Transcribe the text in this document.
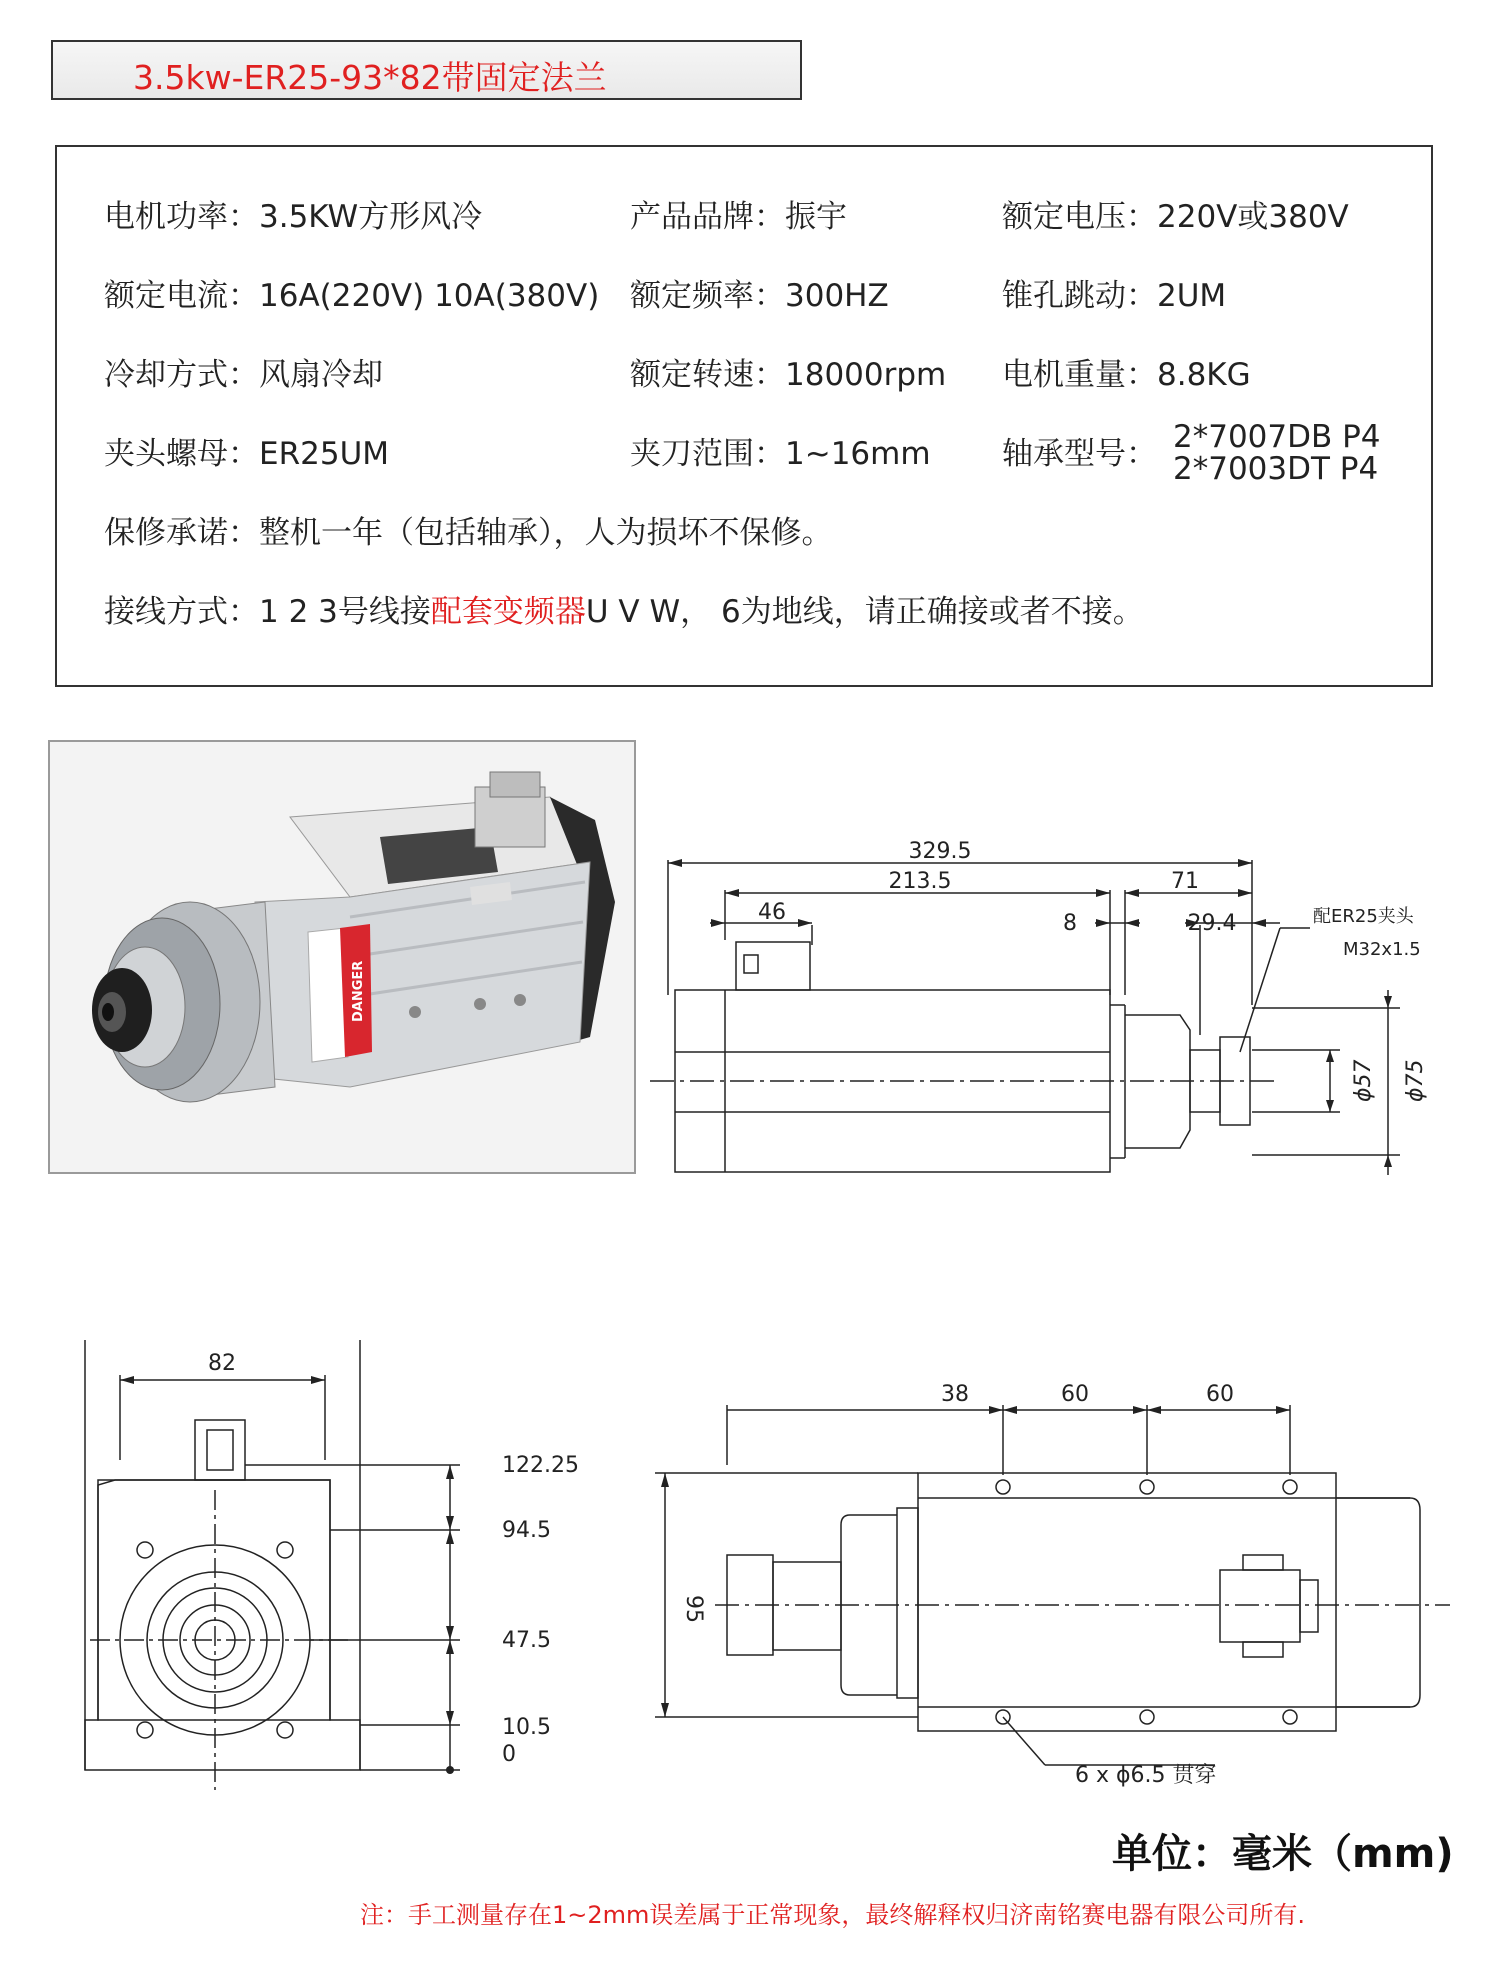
3.5kw-ER25-93*82带固定法兰
电机功率：3.5KW方形风冷	产品品牌：振宇	额定电压：220V或380V
额定电流：16A(220V) 10A(380V) 额定频率：300HZ	锥孔跳动：2UM
冷却方式：风扇冷却	额定转速：18000rpm 电机重量：8.8KG
夹头螺母：ER25UM	夹刀范围：1~16mm 轴承型号： 2*7007DB P4
2*7003DT P4
保修承诺：整机一年（包括轴承），人为损坏不保修。
接线方式：1 2 3号线接配套变频器U V W， 6为地线，请正确接或者不接。
DANGER
329.5
213.5	71
46	8	29.4	配ER25夹头
M32x1.5
ϕ57 ϕ75
82
122.25
94.5
47.5
10.5
0
38	60	60
95
6 x ϕ6.5 贯穿
单位：毫米（mm)
注：手工测量存在1~2mm误差属于正常现象，最终解释权归济南铭赛电器有限公司所有.
